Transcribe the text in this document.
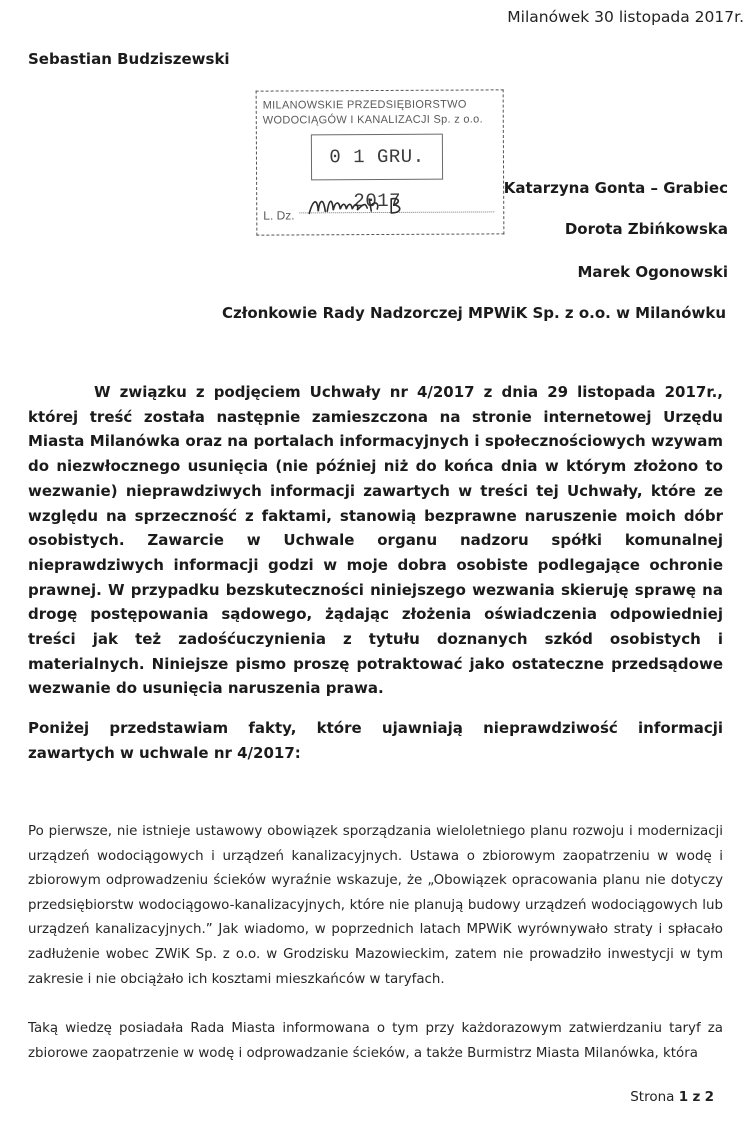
Milanówek 30 listopada 2017r.
Sebastian Budziszewski
MILANOWSKIE PRZEDSIĘBIORSTWO
WODOCIĄGÓW I KANALIZACJI Sp. z o.o.
0 1 GRU. 2017
L. Dz.
Katarzyna Gonta – Grabiec
Dorota Zbińkowska
Marek Ogonowski
Członkowie Rady Nadzorczej MPWiK Sp. z o.o. w Milanówku
W związku z podjęciem Uchwały nr 4/2017 z dnia 29 listopada 2017r., której treść została następnie zamieszczona na stronie internetowej Urzędu Miasta Milanówka oraz na portalach informacyjnych i społecznościowych wzywam do niezwłocznego usunięcia (nie później niż do końca dnia w którym złożono to wezwanie) nieprawdziwych informacji zawartych w treści tej Uchwały, które ze względu na sprzeczność z faktami, stanowią bezprawne naruszenie moich dóbr osobistych. Zawarcie w Uchwale organu nadzoru spółki komunalnej nieprawdziwych informacji godzi w moje dobra osobiste podlegające ochronie prawnej. W przypadku bezskuteczności niniejszego wezwania skieruję sprawę na drogę postępowania sądowego, żądając złożenia oświadczenia odpowiedniej treści jak też zadośćuczynienia z tytułu doznanych szkód osobistych i materialnych. Niniejsze pismo proszę potraktować jako ostateczne przedsądowe wezwanie do usunięcia naruszenia prawa.
Poniżej przedstawiam fakty, które ujawniają nieprawdziwość informacji zawartych w uchwale nr 4/2017:
Po pierwsze, nie istnieje ustawowy obowiązek sporządzania wieloletniego planu rozwoju i modernizacji urządzeń wodociągowych i urządzeń kanalizacyjnych. Ustawa o zbiorowym zaopatrzeniu w wodę i zbiorowym odprowadzeniu ścieków wyraźnie wskazuje, że „Obowiązek opracowania planu nie dotyczy przedsiębiorstw wodociągowo-kanalizacyjnych, które nie planują budowy urządzeń wodociągowych lub urządzeń kanalizacyjnych.” Jak wiadomo, w poprzednich latach MPWiK wyrównywało straty i spłacało zadłużenie wobec ZWiK Sp. z o.o. w Grodzisku Mazowieckim, zatem nie prowadziło inwestycji w tym zakresie i nie obciążało ich kosztami mieszkańców w taryfach.
Taką wiedzę posiadała Rada Miasta informowana o tym przy każdorazowym zatwierdzaniu taryf za zbiorowe zaopatrzenie w wodę i odprowadzanie ścieków, a także Burmistrz Miasta Milanówka, która
Strona 1 z 2
